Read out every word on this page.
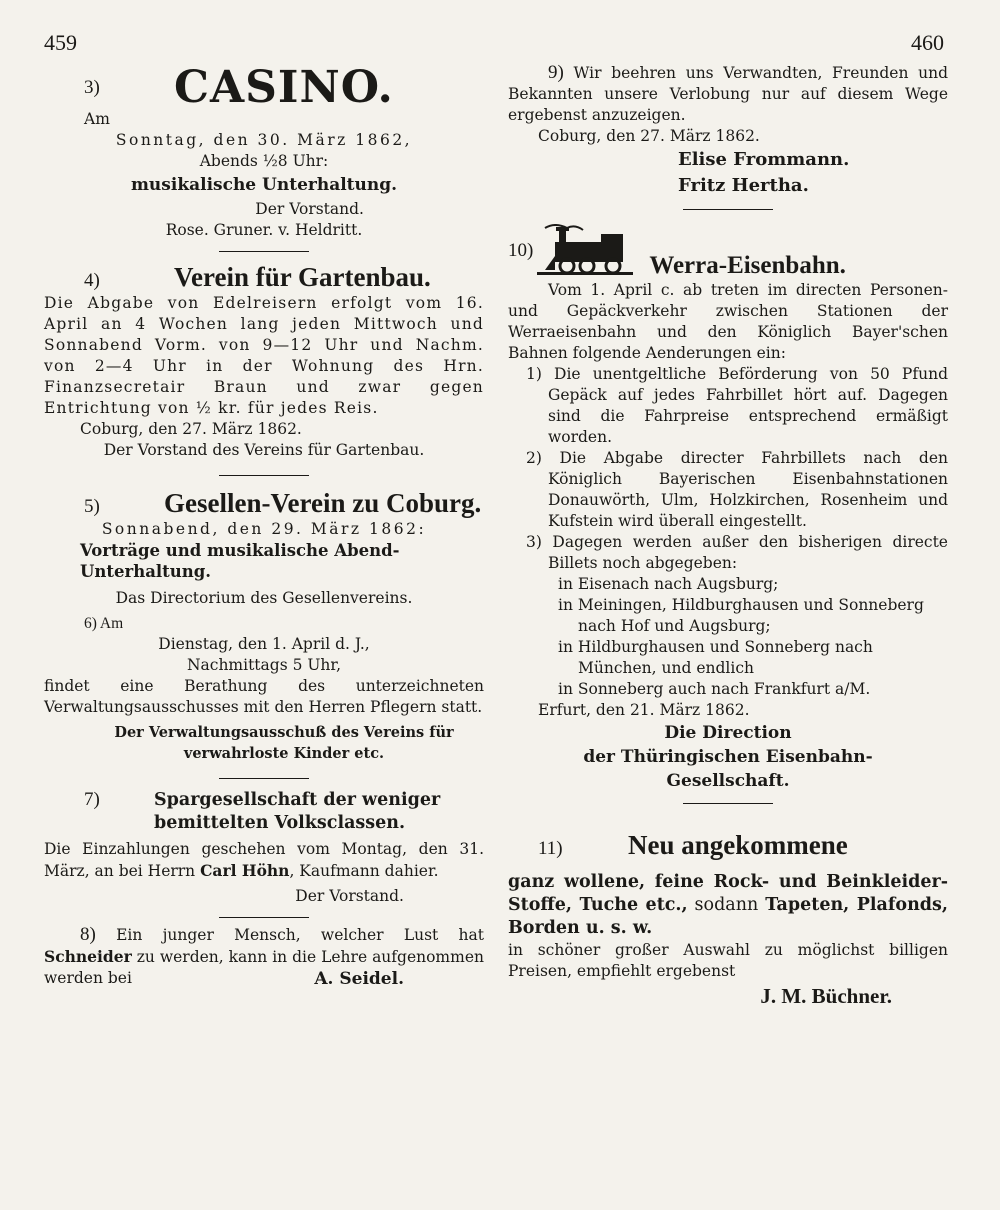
459	460
3)	CASINO.

Am

Sonntag, den 30. März 1862,

Abends ½8 Uhr:

musikalische Unterhaltung.

Der Vorstand.

Rose. Gruner. v. Heldritt.

4)	Verein für Gartenbau.

Die Abgabe von Edelreisern erfolgt vom 16. April an 4 Wochen lang jeden Mittwoch und Sonnabend Vorm. von 9—12 Uhr und Nachm. von 2—4 Uhr in der Wohnung des Hrn. Finanzsecretair Braun und zwar gegen Entrichtung von ½ kr. für jedes Reis.

Coburg, den 27. März 1862.

Der Vorstand des Vereins für Gartenbau.

5)	Gesellen-Verein zu Coburg.

Sonnabend, den 29. März 1862:

Vorträge und musikalische Abend-Unterhaltung.

Das Directorium des Gesellenvereins.

6) Am

Dienstag, den 1. April d. J.,

Nachmittags 5 Uhr,

findet eine Berathung des unterzeichneten Verwaltungsausschusses mit den Herren Pflegern statt.

Der Verwaltungsausschuß des Vereins für verwahrloste Kinder etc.

7)	Spargesellschaft der weniger bemittelten Volksclassen.

Die Einzahlungen geschehen vom Montag, den 31. März, an bei Herrn Carl Höhn, Kaufmann dahier.

Der Vorstand.

8) Ein junger Mensch, welcher Lust hat Schneider zu werden, kann in die Lehre aufgenommen werden bei	A. Seidel.

9) Wir beehren uns Verwandten, Freunden und Bekannten unsere Verlobung nur auf diesem Wege ergebenst anzuzeigen.

Coburg, den 27. März 1862.

Elise Frommann.

Fritz Hertha.

10)
Werra-Eisenbahn.

Vom 1. April c. ab treten im directen Personen- und Gepäckverkehr zwischen Stationen der Werraeisenbahn und den Königlich Bayer'schen Bahnen folgende Aenderungen ein:

1) Die unentgeltliche Beförderung von 50 Pfund Gepäck auf jedes Fahrbillet hört auf. Dagegen sind die Fahrpreise entsprechend ermäßigt worden.

2) Die Abgabe directer Fahrbillets nach den Königlich Bayerischen Eisenbahnstationen Donauwörth, Ulm, Holzkirchen, Rosenheim und Kufstein wird überall eingestellt.

3) Dagegen werden außer den bisherigen directe Billets noch abgegeben:

in Eisenach nach Augsburg;

in Meiningen, Hildburghausen und Sonneberg nach Hof und Augsburg;

in Hildburghausen und Sonneberg nach München, und endlich

in Sonneberg auch nach Frankfurt a/M.

Erfurt, den 21. März 1862.

Die Direction

der Thüringischen Eisenbahn-

Gesellschaft.

11)	Neu angekommene

ganz wollene, feine Rock- und Beinkleider-Stoffe, Tuche etc., sodann Tapeten, Plafonds, Borden u. s. w.

in schöner großer Auswahl zu möglichst billigen Preisen, empfiehlt ergebenst

J. M. Büchner.
